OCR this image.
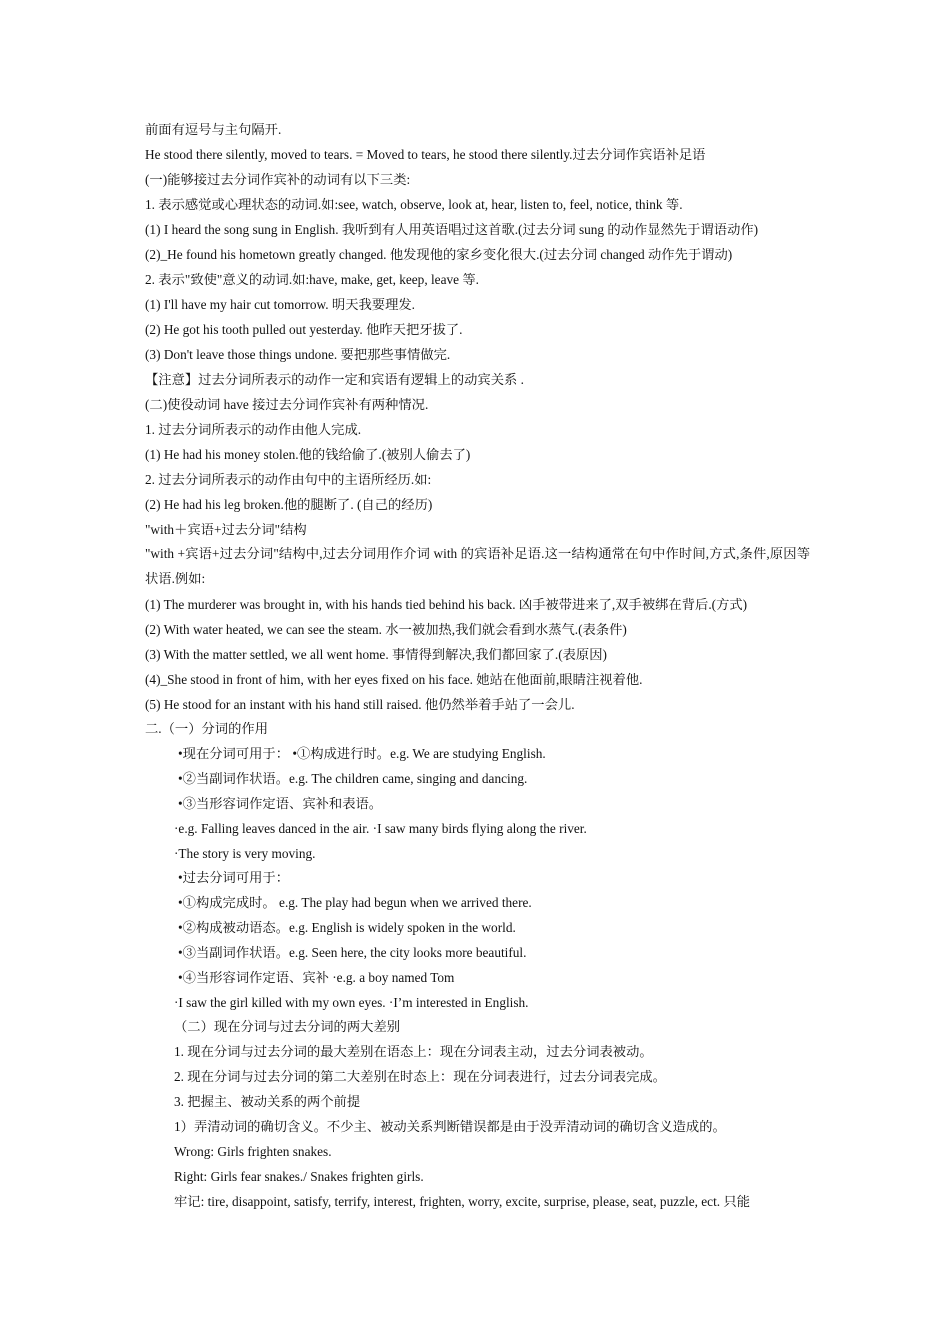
前面有逗号与主句隔开.
He stood there silently, moved to tears. = Moved to tears, he stood there silently.过去分词作宾语补足语
(一)能够接过去分词作宾补的动词有以下三类:
1. 表示感觉或心理状态的动词.如:see, watch, observe, look at, hear, listen to, feel, notice, think 等.
(1) I heard the song sung in English. 我听到有人用英语唱过这首歌.(过去分词 sung 的动作显然先于谓语动作)
(2)_He found his hometown greatly changed. 他发现他的家乡变化很大.(过去分词 changed 动作先于谓动)
2. 表示"致使"意义的动词.如:have, make, get, keep, leave 等.
(1) I'll have my hair cut tomorrow. 明天我要理发.
(2) He got his tooth pulled out yesterday. 他昨天把牙拔了.
(3) Don't leave those things undone. 要把那些事情做完.
【注意】过去分词所表示的动作一定和宾语有逻辑上的动宾关系 .
(二)使役动词 have 接过去分词作宾补有两种情况.
1. 过去分词所表示的动作由他人完成.
(1) He had his money stolen.他的钱给偷了.(被别人偷去了)
2. 过去分词所表示的动作由句中的主语所经历.如:
(2) He had his leg broken.他的腿断了. (自己的经历)
"with＋宾语+过去分词"结构
"with +宾语+过去分词"结构中,过去分词用作介词 with 的宾语补足语.这一结构通常在句中作时间,方式,条件,原因等状语.例如:
(1) The murderer was brought in, with his hands tied behind his back. 凶手被带进来了,双手被绑在背后.(方式)
(2) With water heated, we can see the steam. 水一被加热,我们就会看到水蒸气.(表条件)
(3) With the matter settled, we all went home. 事情得到解决,我们都回家了.(表原因)
(4)_She stood in front of him, with her eyes fixed on his face. 她站在他面前,眼睛注视着他.
(5) He stood for an instant with his hand still raised. 他仍然举着手站了一会儿.
二.（一）分词的作用
•现在分词可用于： •①构成进行时。e.g. We are studying English.
•②当副词作状语。e.g. The children came, singing and dancing.
•③当形容词作定语、宾补和表语。
·e.g. Falling leaves danced in the air. ·I saw many birds flying along the river.
·The story is very moving.
•过去分词可用于：
•①构成完成时。 e.g. The play had begun when we arrived there.
•②构成被动语态。e.g. English is widely spoken in the world.
•③当副词作状语。e.g. Seen here, the city looks more beautiful.
•④当形容词作定语、宾补 ·e.g. a boy named Tom
·I saw the girl killed with my own eyes. ·I’m interested in English.
（二）现在分词与过去分词的两大差别
1. 现在分词与过去分词的最大差别在语态上：现在分词表主动，过去分词表被动。
2. 现在分词与过去分词的第二大差别在时态上：现在分词表进行，过去分词表完成。
3. 把握主、被动关系的两个前提
1）弄清动词的确切含义。不少主、被动关系判断错误都是由于没弄清动词的确切含义造成的。
Wrong: Girls frighten snakes.
Right: Girls fear snakes./ Snakes frighten girls.
牢记: tire, disappoint, satisfy, terrify, interest, frighten, worry, excite, surprise, please, seat, puzzle, ect. 只能
